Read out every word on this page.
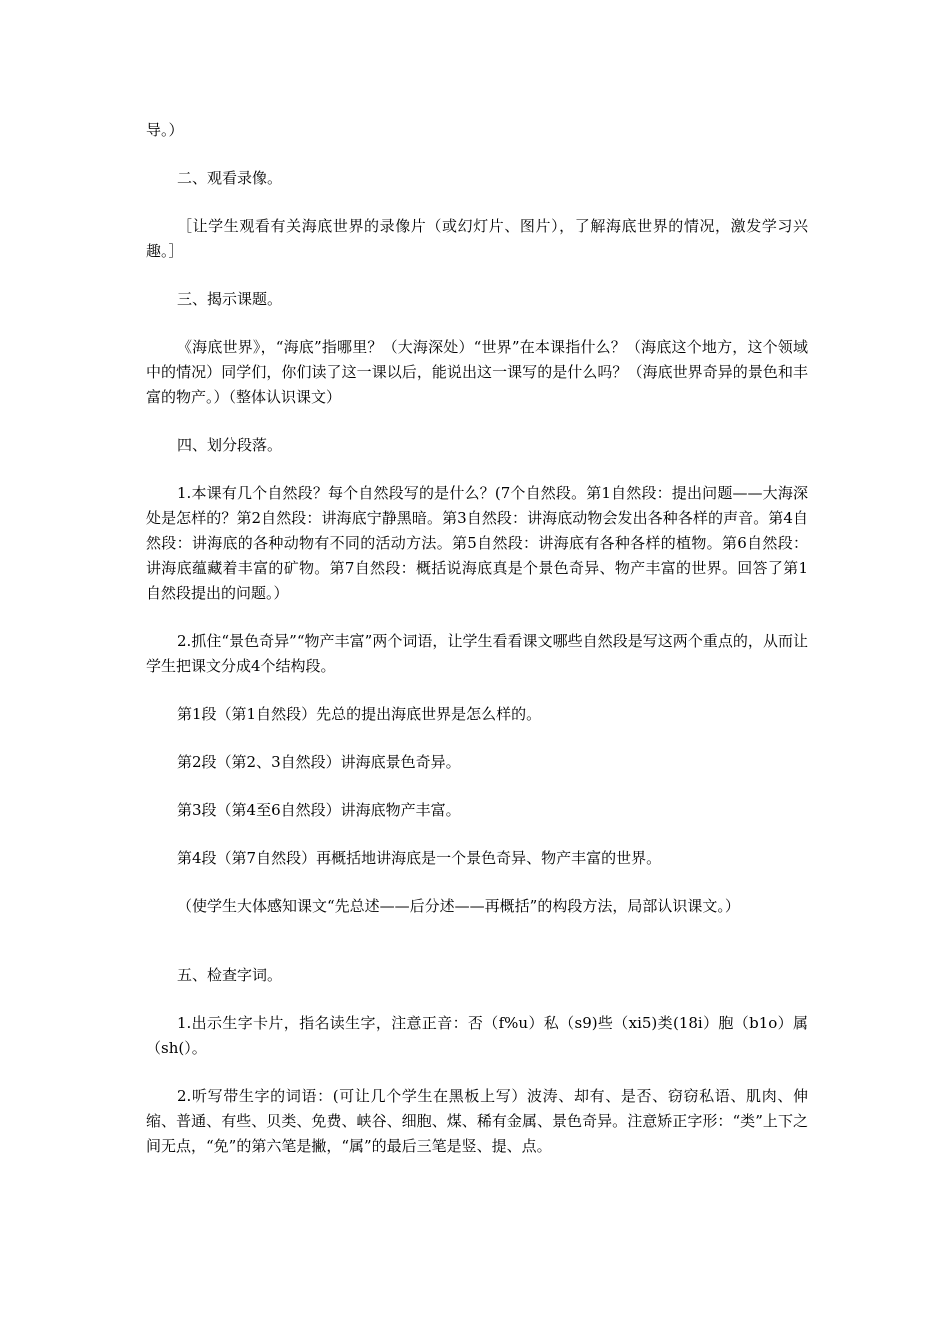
导。）

二、观看录像。

［让学生观看有关海底世界的录像片（或幻灯片、图片），了解海底世界的情况，激发学习兴趣。］

三、揭示课题。

《海底世界》，“海底”指哪里？（大海深处）“世界”在本课指什么？（海底这个地方，这个领域中的情况）同学们，你们读了这一课以后，能说出这一课写的是什么吗？（海底世界奇异的景色和丰富的物产。）（整体认识课文）

四、划分段落。

1.本课有几个自然段？每个自然段写的是什么？(7个自然段。第1自然段：提出问题——大海深处是怎样的？第2自然段：讲海底宁静黑暗。第3自然段：讲海底动物会发出各种各样的声音。第4自然段：讲海底的各种动物有不同的活动方法。第5自然段：讲海底有各种各样的植物。第6自然段：讲海底蕴藏着丰富的矿物。第7自然段：概括说海底真是个景色奇异、物产丰富的世界。回答了第1自然段提出的问题。）

2.抓住“景色奇异”“物产丰富”两个词语，让学生看看课文哪些自然段是写这两个重点的，从而让学生把课文分成4个结构段。

第1段（第1自然段）先总的提出海底世界是怎么样的。

第2段（第2、3自然段）讲海底景色奇异。

第3段（第4至6自然段）讲海底物产丰富。

第4段（第7自然段）再概括地讲海底是一个景色奇异、物产丰富的世界。

（使学生大体感知课文“先总述——后分述——再概括”的构段方法，局部认识课文。）

五、检查字词。

1.出示生字卡片，指名读生字，注意正音：否（f%u）私（s9)些（xi5)类(18i）胞（b1o）属（sh(）。

2.听写带生字的词语：(可让几个学生在黑板上写）波涛、却有、是否、窃窃私语、肌肉、伸缩、普通、有些、贝类、免费、峡谷、细胞、煤、稀有金属、景色奇异。注意矫正字形：“类”上下之间无点，“免”的第六笔是撇，“属”的最后三笔是竖、提、点。
